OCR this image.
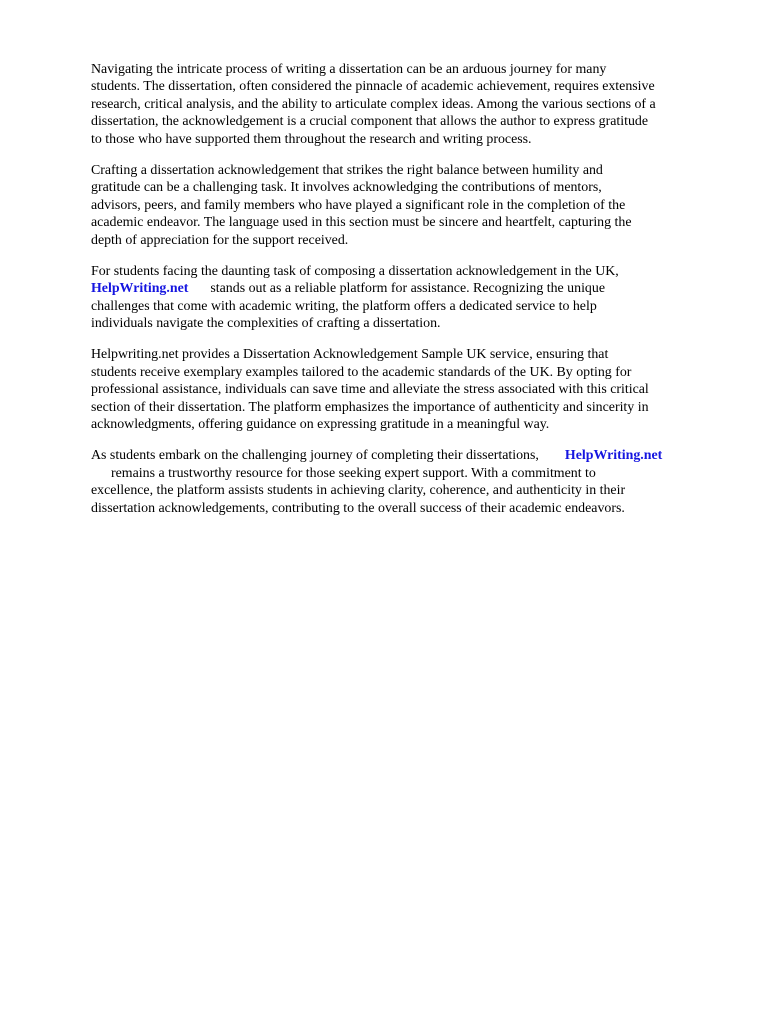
Navigating the intricate process of writing a dissertation can be an arduous journey for many
students. The dissertation, often considered the pinnacle of academic achievement, requires extensive
research, critical analysis, and the ability to articulate complex ideas. Among the various sections of a
dissertation, the acknowledgement is a crucial component that allows the author to express gratitude
to those who have supported them throughout the research and writing process.

Crafting a dissertation acknowledgement that strikes the right balance between humility and
gratitude can be a challenging task. It involves acknowledging the contributions of mentors,
advisors, peers, and family members who have played a significant role in the completion of the
academic endeavor. The language used in this section must be sincere and heartfelt, capturing the
depth of appreciation for the support received.

For students facing the daunting task of composing a dissertation acknowledgement in the UK,
HelpWriting.net stands out as a reliable platform for assistance. Recognizing the unique
challenges that come with academic writing, the platform offers a dedicated service to help
individuals navigate the complexities of crafting a dissertation.

Helpwriting.net provides a Dissertation Acknowledgement Sample UK service, ensuring that
students receive exemplary examples tailored to the academic standards of the UK. By opting for
professional assistance, individuals can save time and alleviate the stress associated with this critical
section of their dissertation. The platform emphasizes the importance of authenticity and sincerity in
acknowledgments, offering guidance on expressing gratitude in a meaningful way.

As students embark on the challenging journey of completing their dissertations, HelpWriting.net
remains a trustworthy resource for those seeking expert support. With a commitment to
excellence, the platform assists students in achieving clarity, coherence, and authenticity in their
dissertation acknowledgements, contributing to the overall success of their academic endeavors.
